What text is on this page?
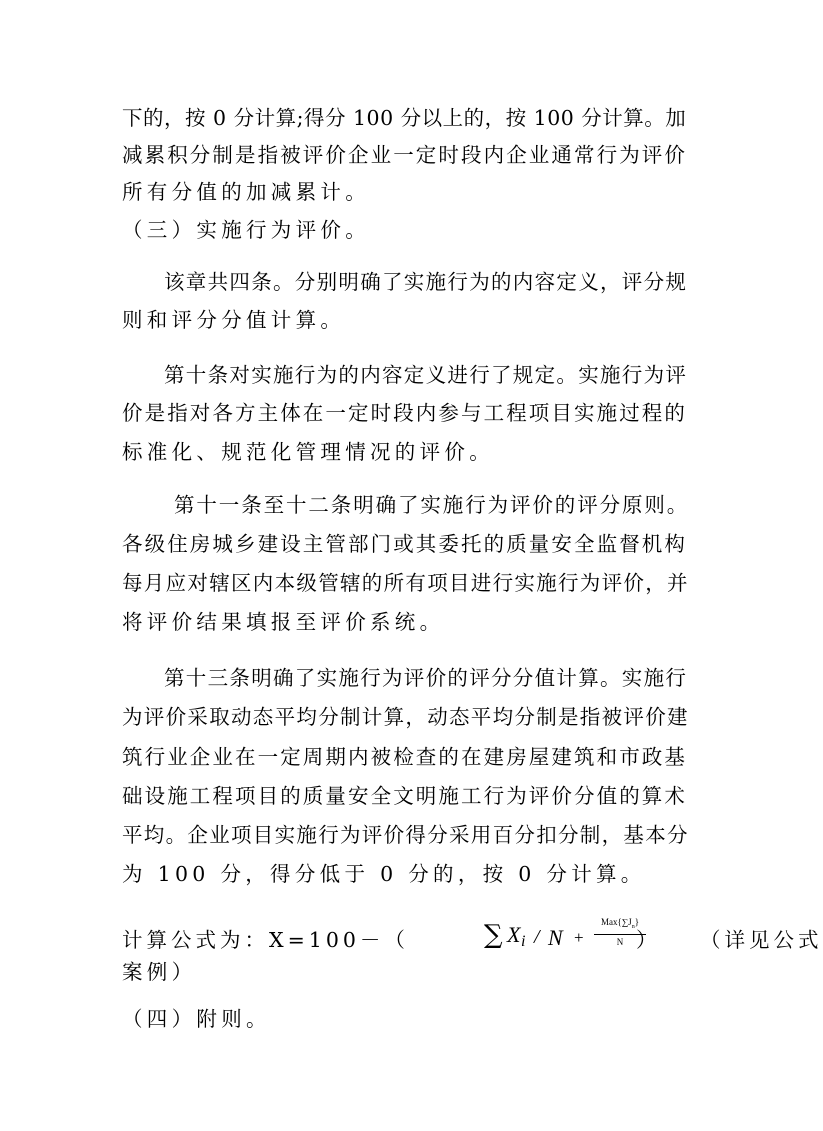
下的，按 0 分计算;得分 100 分以上的，按 100 分计算。加
减累积分制是指被评价企业一定时段内企业通常行为评价
所有分值的加减累计。
（三）实施行为评价。
该章共四条。分别明确了实施行为的内容定义，评分规
则和评分分值计算。
第十条对实施行为的内容定义进行了规定。实施行为评
价是指对各方主体在一定时段内参与工程项目实施过程的
标准化、规范化管理情况的评价。
第十一条至十二条明确了实施行为评价的评分原则。
各级住房城乡建设主管部门或其委托的质量安全监督机构
每月应对辖区内本级管辖的所有项目进行实施行为评价，并
将评价结果填报至评价系统。
第十三条明确了实施行为评价的评分分值计算。实施行
为评价采取动态平均分制计算，动态平均分制是指被评价建
筑行业企业在一定周期内被检查的在建房屋建筑和市政基
础设施工程项目的质量安全文明施工行为评价分值的算术
平均。企业项目实施行为评价得分采用百分扣分制，基本分
为 100 分，得分低于 0 分的，按 0 分计算。
计算公式为：X=100－（	∑ X i / N +
$Max\{\sum J_n\}$
N ） （详见公式
案例）
（四）附则。
